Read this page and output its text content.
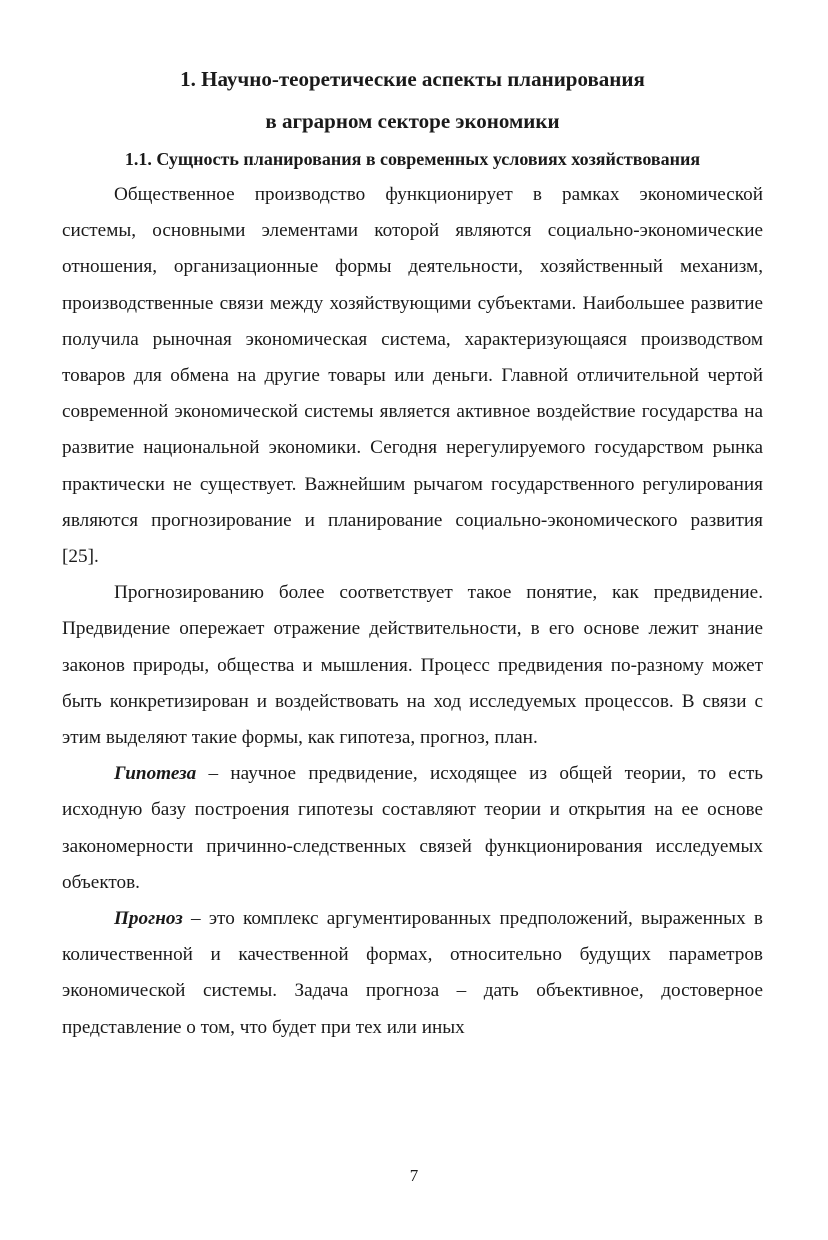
1. Научно-теоретические аспекты планирования
в аграрном секторе экономики
1.1. Сущность планирования в современных условиях хозяйствования

Общественное производство функционирует в рамках экономической системы, основными элементами которой являются социально-экономические отношения, организационные формы деятельности, хозяйственный механизм, производственные связи между хозяйствующими субъектами. Наибольшее развитие получила рыночная экономическая система, характеризующаяся производством товаров для обмена на другие товары или деньги. Главной отличительной чертой современной экономической системы является активное воздействие государства на развитие национальной экономики. Сегодня нерегулируемого государством рынка практически не существует. Важнейшим рычагом государственного регулирования являются прогнозирование и планирование социально-экономического развития [25].

Прогнозированию более соответствует такое понятие, как предвидение. Предвидение опережает отражение действительности, в его основе лежит знание законов природы, общества и мышления. Процесс предвидения по-разному может быть конкретизирован и воздействовать на ход исследуемых процессов. В связи с этим выделяют такие формы, как гипотеза, прогноз, план.

Гипотеза – научное предвидение, исходящее из общей теории, то есть исходную базу построения гипотезы составляют теории и открытия на ее основе закономерности причинно-следственных связей функционирования исследуемых объектов.

Прогноз – это комплекс аргументированных предположений, выраженных в количественной и качественной формах, относительно будущих параметров экономической системы. Задача прогноза – дать объективное, достоверное представление о том, что будет при тех или иных

7
